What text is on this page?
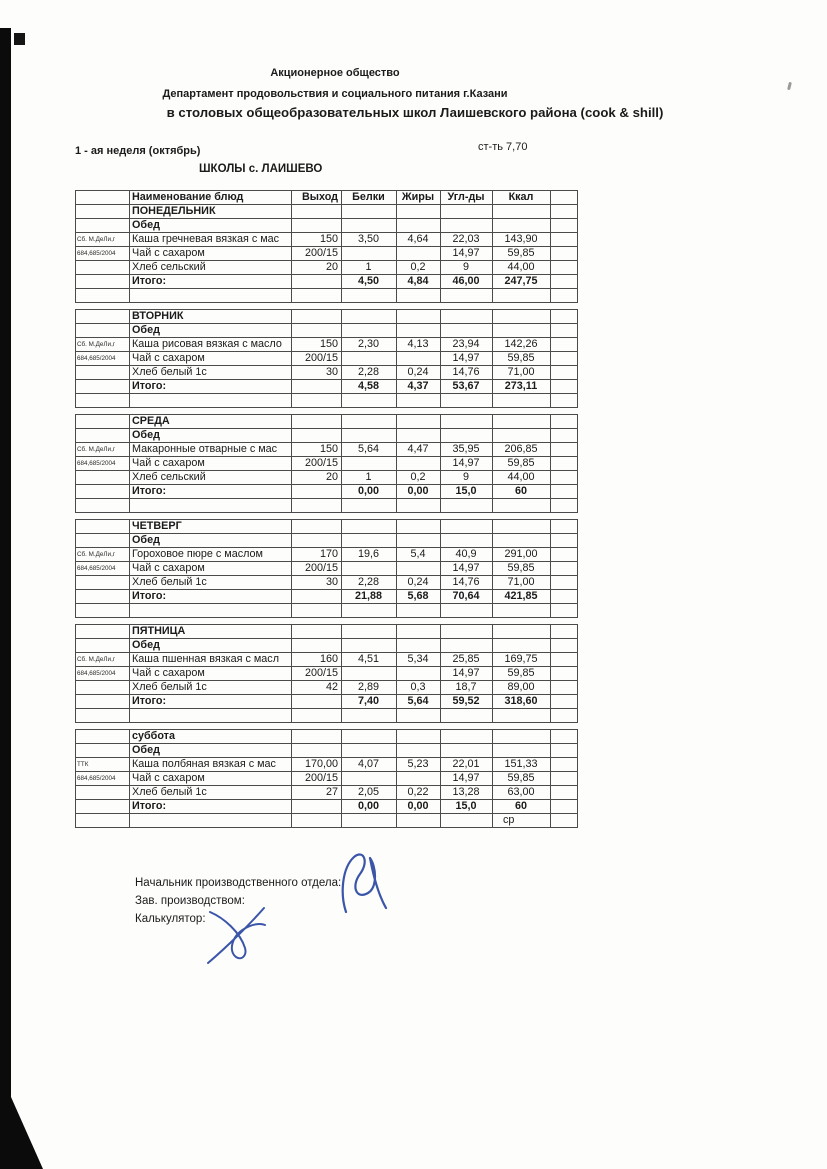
Акционерное общество
Департамент продовольствия и социального питания г.Казани
в столовых общеобразовательных школ Лаишевского района (cook & shill)
1 - ая неделя (октябрь)	ст-ть 7,70
ШКОЛЫ с. ЛАИШЕВО
	Наименование блюд	Выход	Белки	Жиры	Угл-ды	Ккал	
	ПОНЕДЕЛЬНИК						
	Обед						
Сб. М.ДеЛи,г	Каша гречневая вязкая с мас	150	3,50	4,64	22,03	143,90	
684,685/2004	Чай с сахаром	200/15			14,97	59,85	
	Хлеб сельский	20	1	0,2	9	44,00	
	Итого:		4,50	4,84	46,00	247,75	

	ВТОРНИК						
	Обед						
Сб. М.ДеЛи,г	Каша рисовая вязкая с масло	150	2,30	4,13	23,94	142,26	
684,685/2004	Чай с сахаром	200/15			14,97	59,85	
	Хлеб белый 1с	30	2,28	0,24	14,76	71,00	
	Итого:		4,58	4,37	53,67	273,11	

	СРЕДА						
	Обед						
Сб. М.ДеЛи,г	Макаронные отварные с мас	150	5,64	4,47	35,95	206,85	
684,685/2004	Чай с сахаром	200/15			14,97	59,85	
	Хлеб сельский	20	1	0,2	9	44,00	
	Итого:		0,00	0,00	15,0	60	

	ЧЕТВЕРГ						
	Обед						
Сб. М.ДеЛи,г	Гороховое пюре с маслом	170	19,6	5,4	40,9	291,00	
684,685/2004	Чай с сахаром	200/15			14,97	59,85	
	Хлеб белый 1с	30	2,28	0,24	14,76	71,00	
	Итого:		21,88	5,68	70,64	421,85	

	ПЯТНИЦА						
	Обед						
Сб. М.ДеЛи,г	Каша пшенная вязкая с масл	160	4,51	5,34	25,85	169,75	
684,685/2004	Чай с сахаром	200/15			14,97	59,85	
	Хлеб белый 1с	42	2,89	0,3	18,7	89,00	
	Итого:		7,40	5,64	59,52	318,60	

	суббота						
	Обед						
ТТК	Каша полбяная вязкая с мас	170,00	4,07	5,23	22,01	151,33	
684,685/2004	Чай с сахаром	200/15			14,97	59,85	
	Хлеб белый 1с	27	2,05	0,22	13,28	63,00	
	Итого:		0,00	0,00	15,0	60	
						ср	
Начальник производственного отдела:
Зав. производством:
Калькулятор:
